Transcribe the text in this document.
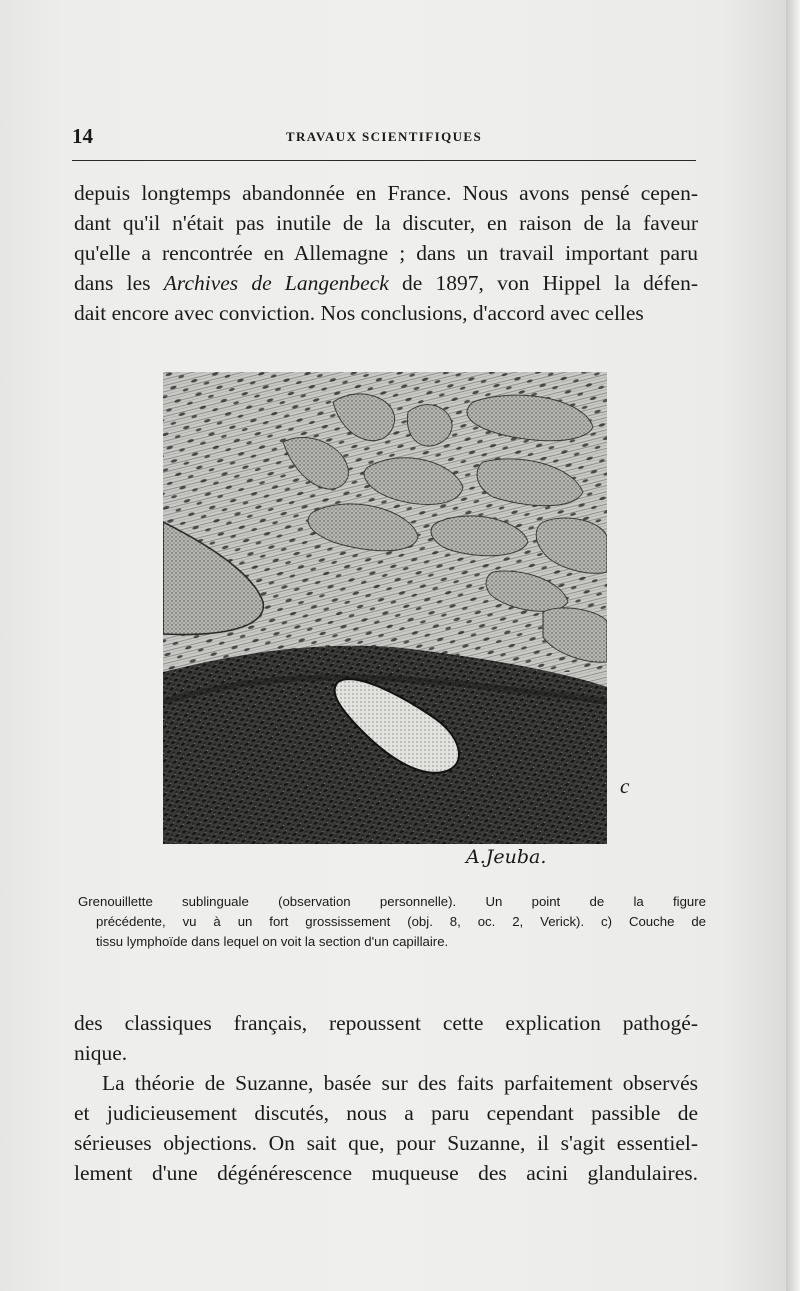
14	TRAVAUX SCIENTIFIQUES
depuis longtemps abandonnée en France. Nous avons pensé cepen-
dant qu'il n'était pas inutile de la discuter, en raison de la faveur
qu'elle a rencontrée en Allemagne ; dans un travail important paru
dans les Archives de Langenbeck de 1897, von Hippel la défen-
dait encore avec conviction. Nos conclusions, d'accord avec celles
c
A.Jeuba.
Grenouillette sublinguale (observation personnelle). Un point de la figure
précédente, vu à un fort grossissement (obj. 8, oc. 2, Verick). c) Couche de
tissu lymphoïde dans lequel on voit la section d'un capillaire.
des classiques français, repoussent cette explication pathogé-
nique.
La théorie de Suzanne, basée sur des faits parfaitement observés
et judicieusement discutés, nous a paru cependant passible de
sérieuses objections. On sait que, pour Suzanne, il s'agit essentiel-
lement d'une dégénérescence muqueuse des acini glandulaires.
